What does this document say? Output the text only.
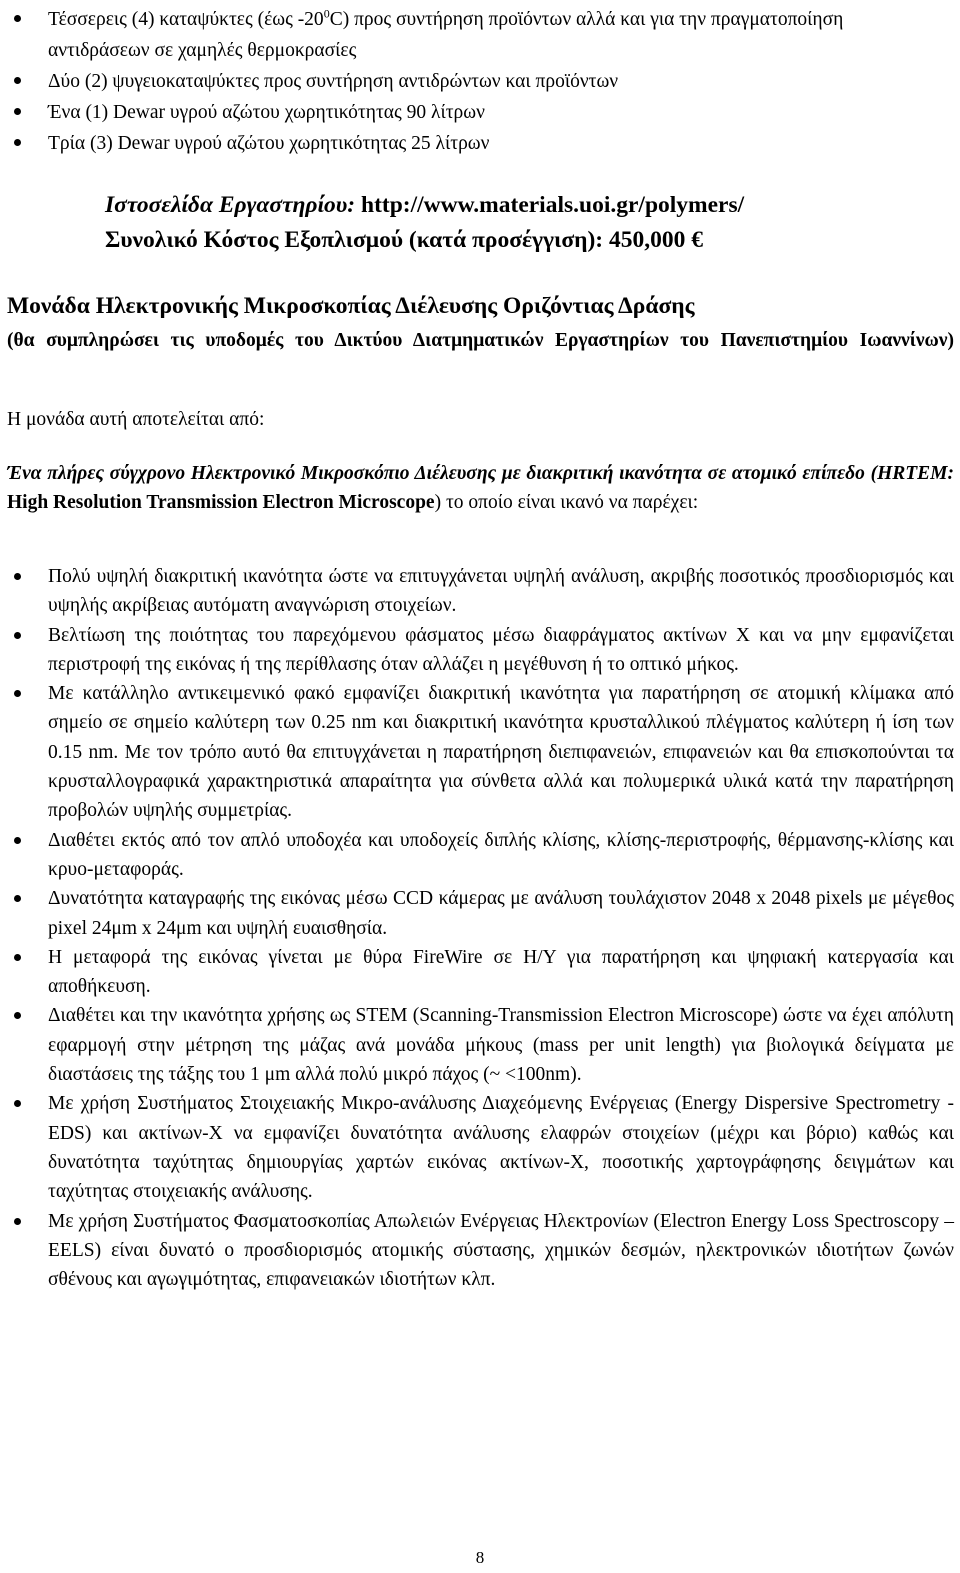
Τέσσερεις (4) καταψύκτες (έως $-20^0C$) προς συντήρηση προϊόντων αλλά και για την πραγματοποίηση αντιδράσεων σε χαμηλές θερμοκρασίες
Δύο (2) ψυγειοκαταψύκτες προς συντήρηση αντιδρώντων και προϊόντων
Ένα (1) Dewar υγρού αζώτου χωρητικότητας 90 λίτρων
Τρία (3) Dewar υγρού αζώτου χωρητικότητας 25 λίτρων
Ιστοσελίδα Εργαστηρίου: http://www.materials.uoi.gr/polymers/
Συνολικό Κόστος Εξοπλισμού (κατά προσέγγιση): 450,000 €
Μονάδα Ηλεκτρονικής Μικροσκοπίας Διέλευσης Οριζόντιας Δράσης
(θα συμπληρώσει τις υποδομές του Δικτύου Διατμηματικών Εργαστηρίων του Πανεπιστημίου Ιωαννίνων)
Η μονάδα αυτή αποτελείται από:
Ένα πλήρες σύγχρονο Ηλεκτρονικό Μικροσκόπιο Διέλευσης με διακριτική ικανότητα σε ατομικό επίπεδο (HRTEM: High Resolution Transmission Electron Microscope) το οποίο είναι ικανό να παρέχει:
Πολύ υψηλή διακριτική ικανότητα ώστε να επιτυγχάνεται υψηλή ανάλυση, ακριβής ποσοτικός προσδιορισμός και υψηλής ακρίβειας αυτόματη αναγνώριση στοιχείων.
Βελτίωση της ποιότητας του παρεχόμενου φάσματος μέσω διαφράγματος ακτίνων Χ και να μην εμφανίζεται περιστροφή της εικόνας ή της περίθλασης όταν αλλάζει η μεγέθυνση ή το οπτικό μήκος.
Με κατάλληλο αντικειμενικό φακό εμφανίζει διακριτική ικανότητα για παρατήρηση σε ατομική κλίμακα από σημείο σε σημείο καλύτερη των 0.25 nm και διακριτική ικανότητα κρυσταλλικού πλέγματος καλύτερη ή ίση των 0.15 nm. Με τον τρόπο αυτό θα επιτυγχάνεται η παρατήρηση διεπιφανειών, επιφανειών και θα επισκοπούνται τα κρυσταλλογραφικά χαρακτηριστικά απαραίτητα για σύνθετα αλλά και πολυμερικά υλικά κατά την παρατήρηση προβολών υψηλής συμμετρίας.
Διαθέτει εκτός από τον απλό υποδοχέα και υποδοχείς διπλής κλίσης, κλίσης-περιστροφής, θέρμανσης-κλίσης και κρυο-μεταφοράς.
Δυνατότητα καταγραφής της εικόνας μέσω CCD κάμερας με ανάλυση τουλάχιστον 2048 x 2048 pixels με μέγεθος pixel 24μm x 24μm και υψηλή ευαισθησία.
Η μεταφορά της εικόνας γίνεται με θύρα FireWire σε Η/Υ για παρατήρηση και ψηφιακή κατεργασία και αποθήκευση.
Διαθέτει και την ικανότητα χρήσης ως STEM (Scanning-Transmission Electron Microscope) ώστε να έχει απόλυτη εφαρμογή στην μέτρηση της μάζας ανά μονάδα μήκους (mass per unit length) για βιολογικά δείγματα με διαστάσεις της τάξης του 1 μm αλλά πολύ μικρό πάχος (~ <100nm).
Με χρήση Συστήματος Στοιχειακής Μικρο-ανάλυσης Διαχεόμενης Ενέργειας (Energy Dispersive Spectrometry - EDS) και ακτίνων-Χ να εμφανίζει δυνατότητα ανάλυσης ελαφρών στοιχείων (μέχρι και βόριο) καθώς και δυνατότητα ταχύτητας δημιουργίας χαρτών εικόνας ακτίνων-Χ, ποσοτικής χαρτογράφησης δειγμάτων και ταχύτητας στοιχειακής ανάλυσης.
Με χρήση Συστήματος Φασματοσκοπίας Απωλειών Ενέργειας Ηλεκτρονίων (Electron Energy Loss Spectroscopy – EELS) είναι δυνατό ο προσδιορισμός ατομικής σύστασης, χημικών δεσμών, ηλεκτρονικών ιδιοτήτων ζωνών σθένους και αγωγιμότητας, επιφανειακών ιδιοτήτων κλπ.
8
